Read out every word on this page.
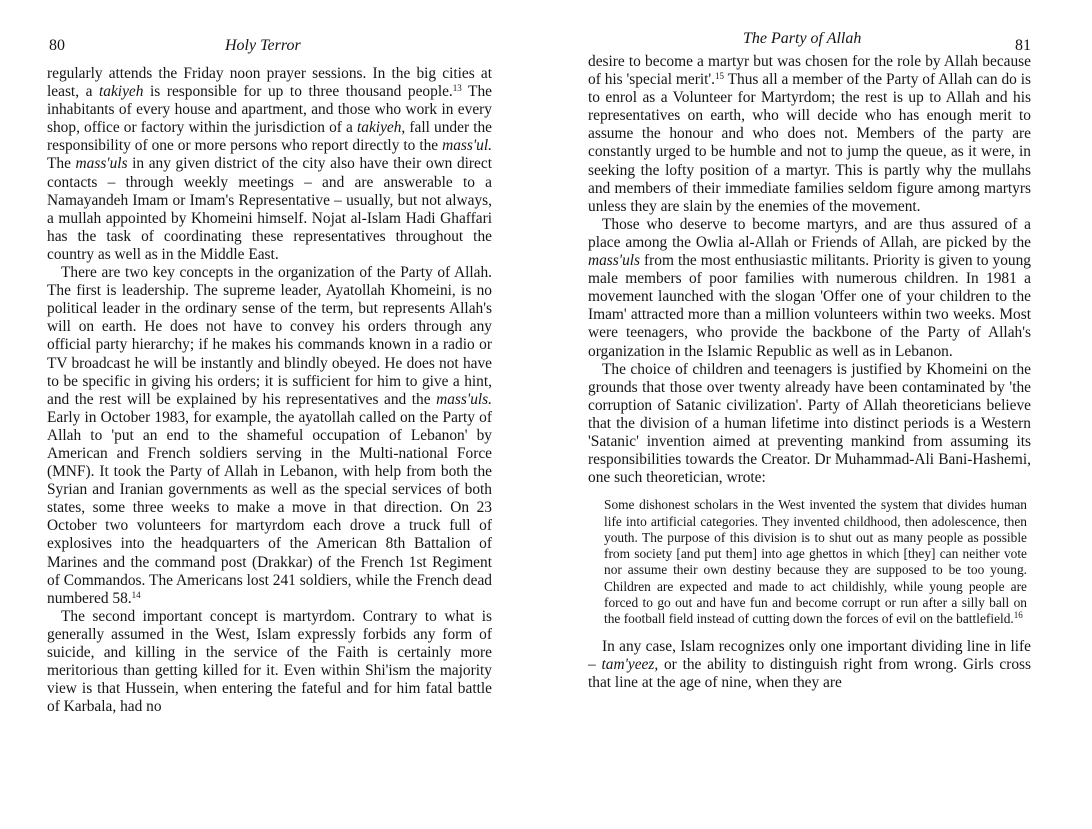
80	Holy Terror

regularly attends the Friday noon prayer sessions. In the big cities at least, a takiyeh is responsible for up to three thousand people.$^{13}$ The inhabitants of every house and apartment, and those who work in every shop, office or factory within the jurisdiction of a takiyeh, fall under the responsibility of one or more persons who report directly to the mass'ul. The mass'uls in any given district of the city also have their own direct contacts – through weekly meetings – and are answerable to a Namayandeh Imam or Imam's Representative – usually, but not always, a mullah appointed by Khomeini himself. Nojat al-Islam Hadi Ghaffari has the task of coordinating these representatives throughout the country as well as in the Middle East.

There are two key concepts in the organization of the Party of Allah. The first is leadership. The supreme leader, Ayatollah Khomeini, is no political leader in the ordinary sense of the term, but represents Allah's will on earth. He does not have to convey his orders through any official party hierarchy; if he makes his commands known in a radio or TV broadcast he will be instantly and blindly obeyed. He does not have to be specific in giving his orders; it is sufficient for him to give a hint, and the rest will be explained by his representatives and the mass'uls. Early in October 1983, for example, the ayatollah called on the Party of Allah to 'put an end to the shameful occupation of Lebanon' by American and French soldiers serving in the Multi-national Force (MNF). It took the Party of Allah in Lebanon, with help from both the Syrian and Iranian governments as well as the special services of both states, some three weeks to make a move in that direction. On 23 October two volunteers for martyrdom each drove a truck full of explosives into the headquarters of the American 8th Battalion of Marines and the command post (Drakkar) of the French 1st Regiment of Commandos. The Americans lost 241 soldiers, while the French dead numbered 58.14

The second important concept is martyrdom. Contrary to what is generally assumed in the West, Islam expressly forbids any form of suicide, and killing in the service of the Faith is certainly more meritorious than getting killed for it. Even within Shi'ism the majority view is that Hussein, when entering the fateful and for him fatal battle of Karbala, had no

The Party of Allah	81

desire to become a martyr but was chosen for the role by Allah because of his 'special merit'.$^{15}$ Thus all a member of the Party of Allah can do is to enrol as a Volunteer for Martyrdom; the rest is up to Allah and his representatives on earth, who will decide who has enough merit to assume the honour and who does not. Members of the party are constantly urged to be humble and not to jump the queue, as it were, in seeking the lofty position of a martyr. This is partly why the mullahs and members of their immediate families seldom figure among martyrs unless they are slain by the enemies of the movement.

Those who deserve to become martyrs, and are thus assured of a place among the Owlia al-Allah or Friends of Allah, are picked by the mass'uls from the most enthusiastic militants. Priority is given to young male members of poor families with numerous children. In 1981 a movement launched with the slogan 'Offer one of your children to the Imam' attracted more than a million volunteers within two weeks. Most were teenagers, who provide the backbone of the Party of Allah's organization in the Islamic Republic as well as in Lebanon.

The choice of children and teenagers is justified by Khomeini on the grounds that those over twenty already have been contaminated by 'the corruption of Satanic civilization'. Party of Allah theoreticians believe that the division of a human lifetime into distinct periods is a Western 'Satanic' invention aimed at preventing mankind from assuming its responsibilities towards the Creator. Dr Muhammad-Ali Bani-Hashemi, one such theoretician, wrote:

Some dishonest scholars in the West invented the system that divides human life into artificial categories. They invented childhood, then adolescence, then youth. The purpose of this division is to shut out as many people as possible from society [and put them] into age ghettos in which [they] can neither vote nor assume their own destiny because they are supposed to be too young. Children are expected and made to act childishly, while young people are forced to go out and have fun and become corrupt or run after a silly ball on the football field instead of cutting down the forces of evil on the battlefield.$^{16}$

In any case, Islam recognizes only one important dividing line in life – tam'yeez, or the ability to distinguish right from wrong. Girls cross that line at the age of nine, when they are
